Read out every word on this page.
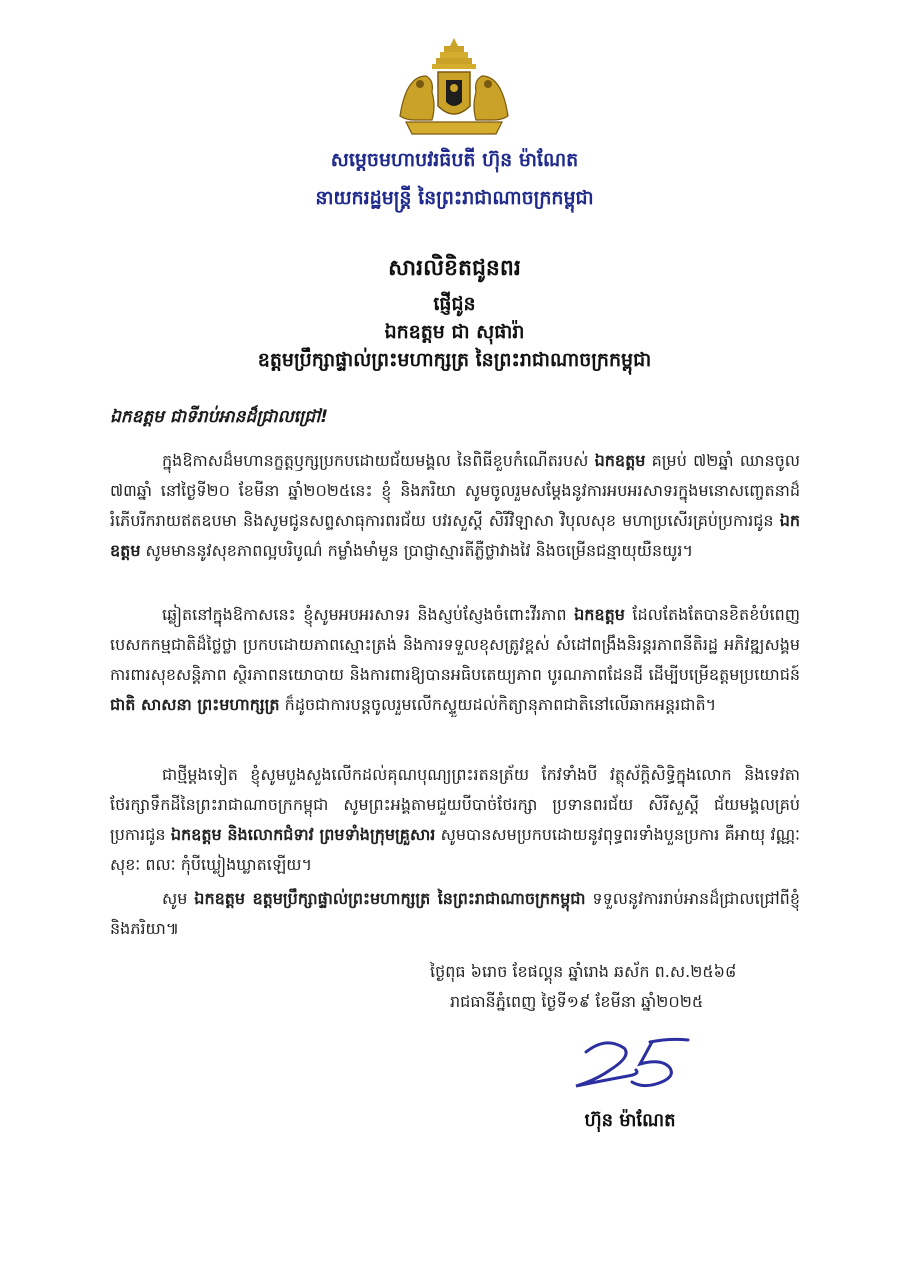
សម្តេចមហាបវរធិបតី ហ៊ុន ម៉ាណែត
នាយករដ្ឋមន្ត្រី នៃព្រះរាជាណាចក្រកម្ពុជា
សារលិខិតជូនពរ
ផ្ញើជូន
ឯកឧត្តម ជា សុផារ៉ា
ឧត្តមប្រឹក្សាផ្ទាល់ព្រះមហាក្សត្រ នៃព្រះរាជាណាចក្រកម្ពុជា
ឯកឧត្តម ជាទីរាប់អានដ៏ជ្រាលជ្រៅ!
ក្នុងឱកាសដ៏មហានក្ខត្តឫក្សប្រកបដោយជ័យមង្គល នៃពិធីខួបកំណើតរបស់ ឯកឧត្តម គម្រប់ ៧២ឆ្នាំ ឈានចូល ៧៣ឆ្នាំ នៅថ្ងៃទី២០ ខែមីនា ឆ្នាំ២០២៥នេះ ខ្ញុំ និងភរិយា សូមចូលរួមសម្តែងនូវការអបអរសាទរក្នុងមនោសញ្ចេតនាដ៏រំភើបរីករាយឥតឧបមា និងសូមជូនសព្ទសាធុការពរជ័យ បវរសួស្តី សិរីវិឡាសា វិបុលសុខ មហាប្រសើរគ្រប់ប្រការជូន ឯកឧត្តម សូមមាននូវសុខភាពល្អបរិបូណ៌ កម្លាំងមាំមួន ប្រាជ្ញាស្មារតីភ្លឺថ្លាវាងវៃ និងចម្រើនជន្មាយុយឺនយូរ។
ឆ្លៀតនៅក្នុងឱកាសនេះ ខ្ញុំសូមអបអរសាទរ និងស្ញប់ស្ញែងចំពោះវីរភាព ឯកឧត្តម ដែលតែងតែបានខិតខំបំពេញបេសកកម្មជាតិដ៏ថ្លៃថ្លា ប្រកបដោយភាពស្មោះត្រង់ និងការទទួលខុសត្រូវខ្ពស់ សំដៅពង្រឹងនិរន្តរភាពនីតិរដ្ឋ អភិវឌ្ឍសង្គម ការពារសុខសន្តិភាព ស្ថិរភាពនយោបាយ និងការពារឱ្យបានអធិបតេយ្យភាព បូរណភាពដែនដី ដើម្បីបម្រើឧត្តមប្រយោជន៍ ជាតិ សាសនា ព្រះមហាក្សត្រ ក៏ដូចជាការបន្តចូលរួមលើកស្ទួយដល់កិត្យានុភាពជាតិនៅលើឆាកអន្តរជាតិ។
ជាថ្មីម្តងទៀត ខ្ញុំសូមបួងសួងលើកដល់គុណបុណ្យព្រះរតនត្រ័យ កែវទាំងបី វត្ថុស័ក្តិសិទ្ធិក្នុងលោក និងទេវតាថែរក្សាទឹកដីនៃព្រះរាជាណាចក្រកម្ពុជា សូមព្រះអង្គតាមជួយបីបាច់ថែរក្សា ប្រទានពរជ័យ សិរីសួស្តី ជ័យមង្គលគ្រប់ប្រការជូន ឯកឧត្តម និងលោកជំទាវ ព្រមទាំងក្រុមគ្រួសារ សូមបានសមប្រកបដោយនូវពុទ្ធពរទាំងបួនប្រការ គឺអាយុ វណ្ណៈ សុខៈ ពលៈ កុំបីឃ្លៀងឃ្លាតឡើយ។
សូម ឯកឧត្តម ឧត្តមប្រឹក្សាផ្ទាល់ព្រះមហាក្សត្រ នៃព្រះរាជាណាចក្រកម្ពុជា ទទួលនូវការរាប់អានដ៏ជ្រាលជ្រៅពីខ្ញុំ និងភរិយា៕
ថ្ងៃពុធ ៦រោច ខែផល្គុន ឆ្នាំរោង ឆស័ក ព.ស.២៥៦៨
រាជធានីភ្នំពេញ ថ្ងៃទី១៩ ខែមីនា ឆ្នាំ២០២៥
ហ៊ុន ម៉ាណែត
